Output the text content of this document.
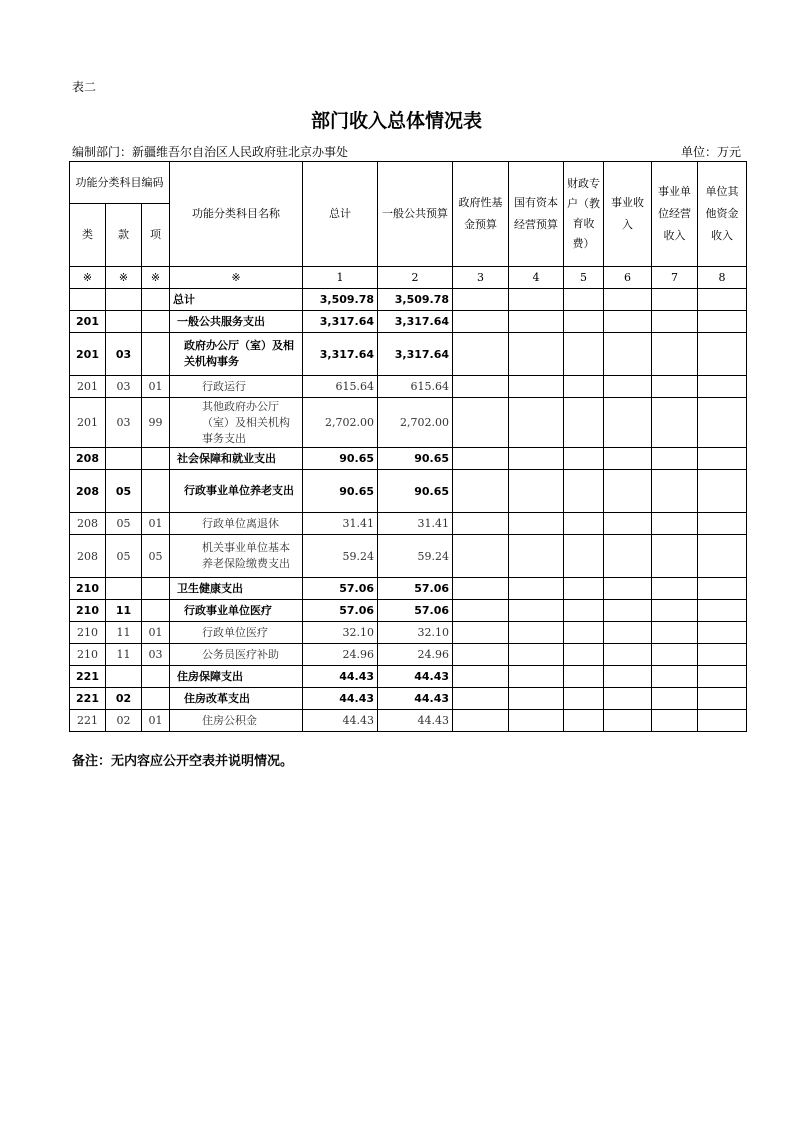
表二
部门收入总体情况表
编制部门：新疆维吾尔自治区人民政府驻北京办事处	单位：万元
功能分类科目编码			功能分类科目名称	总计	一般公共预算	政府性基金预算	国有资本经营预算	财政专户（教育收费）	事业收入	事业单位经营收入	单位其他资金收入
类	款	项									
※	※	※	※	1	2	3	4	5	6	7	8
			总计	3,509.78	3,509.78						
201			一般公共服务支出	3,317.64	3,317.64						
201	03		政府办公厅（室）及相关机构事务	3,317.64	3,317.64						
201	03	01	行政运行	615.64	615.64						
201	03	99	其他政府办公厅（室）及相关机构事务支出	2,702.00	2,702.00						
208			社会保障和就业支出	90.65	90.65						
208	05		行政事业单位养老支出	90.65	90.65						
208	05	01	行政单位离退休	31.41	31.41						
208	05	05	机关事业单位基本养老保险缴费支出	59.24	59.24						
210			卫生健康支出	57.06	57.06						
210	11		行政事业单位医疗	57.06	57.06						
210	11	01	行政单位医疗	32.10	32.10						
210	11	03	公务员医疗补助	24.96	24.96						
221			住房保障支出	44.43	44.43						
221	02		住房改革支出	44.43	44.43						
221	02	01	住房公积金	44.43	44.43						
备注：无内容应公开空表并说明情况。
